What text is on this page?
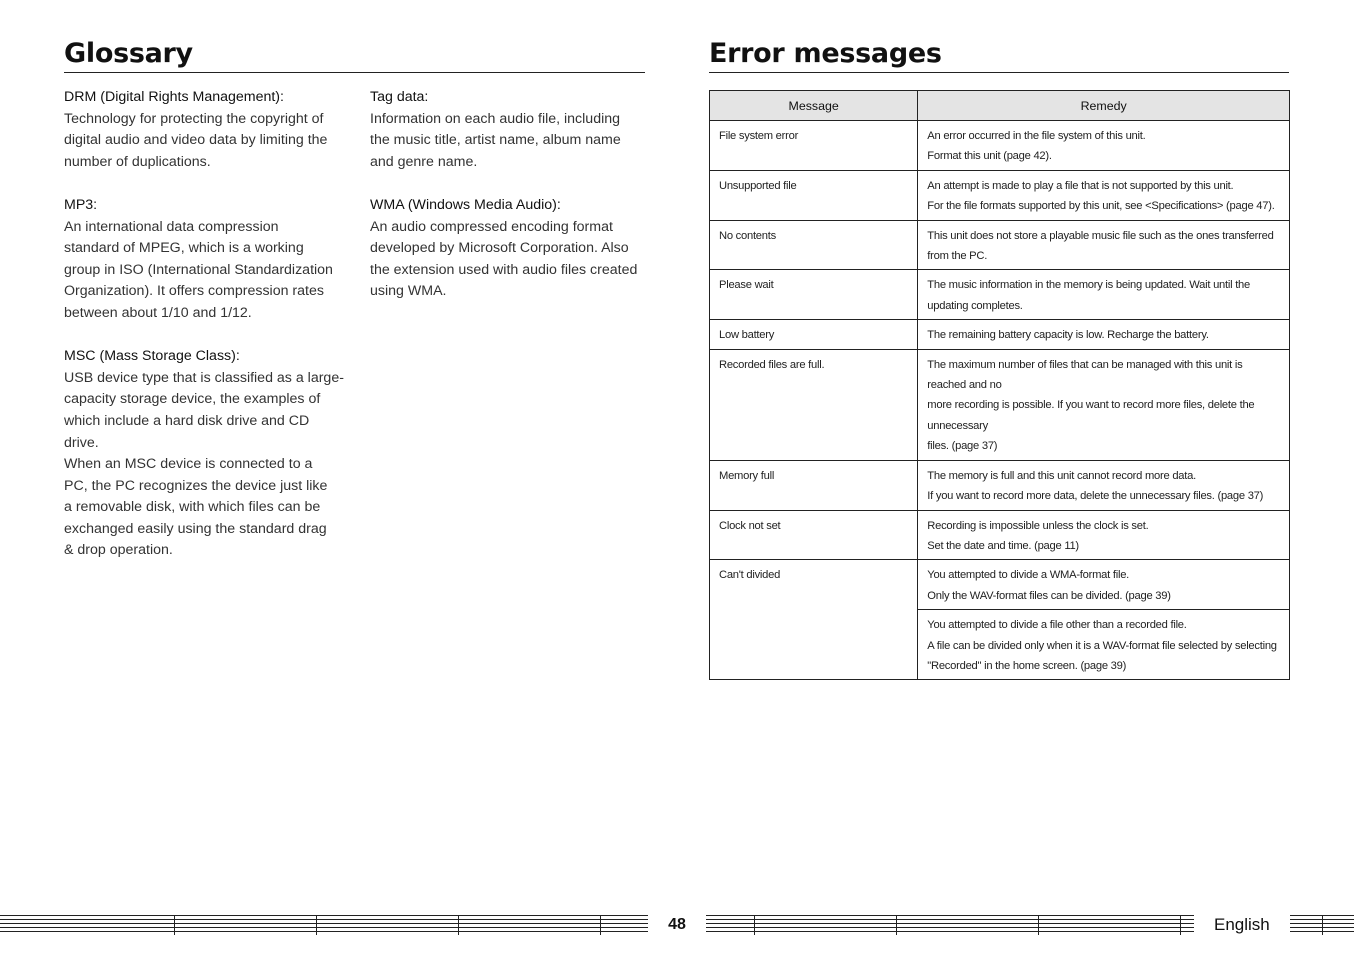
Glossary	Error messages
DRM (Digital Rights Management):
Technology for protecting the copyright of
digital audio and video data by limiting the
number of duplications.
MP3:
An international data compression
standard of MPEG, which is a working
group in ISO (International Standardization
Organization). It offers compression rates
between about 1/10 and 1/12.
MSC (Mass Storage Class):
USB device type that is classified as a large-
capacity storage device, the examples of
which include a hard disk drive and CD
drive.
When an MSC device is connected to a
PC, the PC recognizes the device just like
a removable disk, with which files can be
exchanged easily using the standard drag
& drop operation.
Tag data:
Information on each audio file, including
the music title, artist name, album name
and genre name.
WMA (Windows Media Audio):
An audio compressed encoding format
developed by Microsoft Corporation. Also
the extension used with audio files created
using WMA.
Message	Remedy
File system error	An error occurred in the file system of this unit.
Format this unit (page 42).

Unsupported file	An attempt is made to play a file that is not supported by this unit.
For the file formats supported by this unit, see <Specifications> (page 47).

No contents	This unit does not store a playable music file such as the ones transferred
from the PC.

Please wait	The music information in the memory is being updated. Wait until the
updating completes.

Low battery	The remaining battery capacity is low. Recharge the battery.

Recorded files are full.	The maximum number of files that can be managed with this unit is reached and no
more recording is possible. If you want to record more files, delete the unnecessary
files. (page 37)

Memory full	The memory is full and this unit cannot record more data.
If you want to record more data, delete the unnecessary files. (page 37)

Clock not set	Recording is impossible unless the clock is set.
Set the date and time. (page 11)

Can't divided	You attempted to divide a WMA-format file.
Only the WAV-format files can be divided. (page 39)

	You attempted to divide a file other than a recorded file.
A file can be divided only when it is a WAV-format file selected by selecting
"Recorded" in the home screen. (page 39)
48	English
